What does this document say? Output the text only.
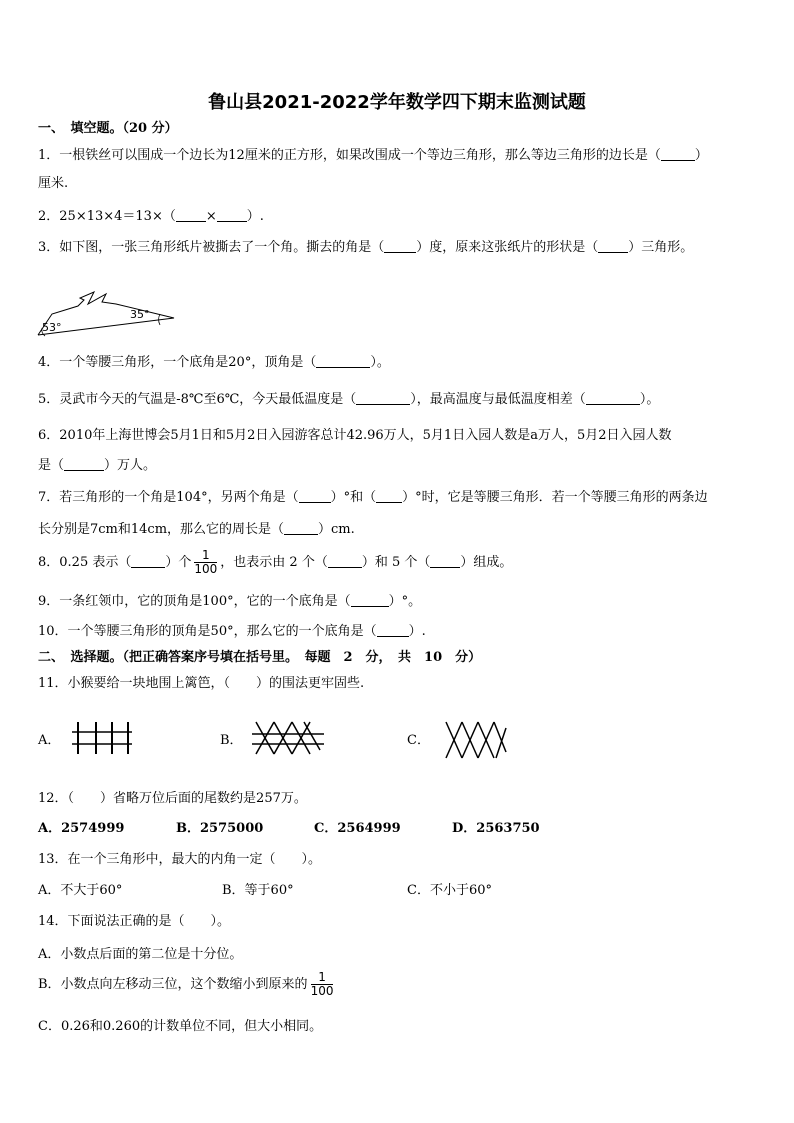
鲁山县2021-2022学年数学四下期末监测试题
一、　填空题。（20 分）
1．一根铁丝可以围成一个边长为12厘米的正方形，如果改围成一个等边三角形，那么等边三角形的边长是（	）
厘米.
2．25×13×4＝13×（ × ）.
3．如下图，一张三角形纸片被撕去了一个角。撕去的角是（ ）度，原来这张纸片的形状是（ ）三角形。
53°
35°
4．一个等腰三角形，一个底角是20°，顶角是（	）。
5．灵武市今天的气温是-8℃至6℃，今天最低温度是（	），最高温度与最低温度相差（	）。
6．2010年上海世博会5月1日和5月2日入园游客总计42.96万人，5月1日入园人数是a万人，5月2日入园人数
是（	）万人。
7．若三角形的一个角是104°，另两个角是（ ）°和（ ）°时，它是等腰三角形．若一个等腰三角形的两条边
长分别是7cm和14cm，那么它的周长是（	）cm.
8．0.25 表示（	）个 $\frac{1}{100}$ ，也表示由 2 个（	）和 5 个（ ）组成。
9．一条红领巾，它的顶角是100°，它的一个底角是（	）°。
10．一个等腰三角形的顶角是50°，那么它的一个底角是（ ）.
二、　选择题。（把正确答案序号填在括号里。　每题　2　分，　共　10　分）
11．小猴要给一块地围上篱笆，（　　）的围法更牢固些.
A．	B．	C．
12．（　　）省略万位后面的尾数约是257万。
A．2574999	B．2575000	C．2564999	D．2563750
13．在一个三角形中，最大的内角一定（　　）。
A．不大于60°	B．等于60°	C．不小于60°
14．下面说法正确的是（　　）。
A．小数点后面的第二位是十分位。
B．小数点向左移动三位，这个数缩小到原来的 $\frac{1}{100}$
C．0.26和0.260的计数单位不同，但大小相同。
